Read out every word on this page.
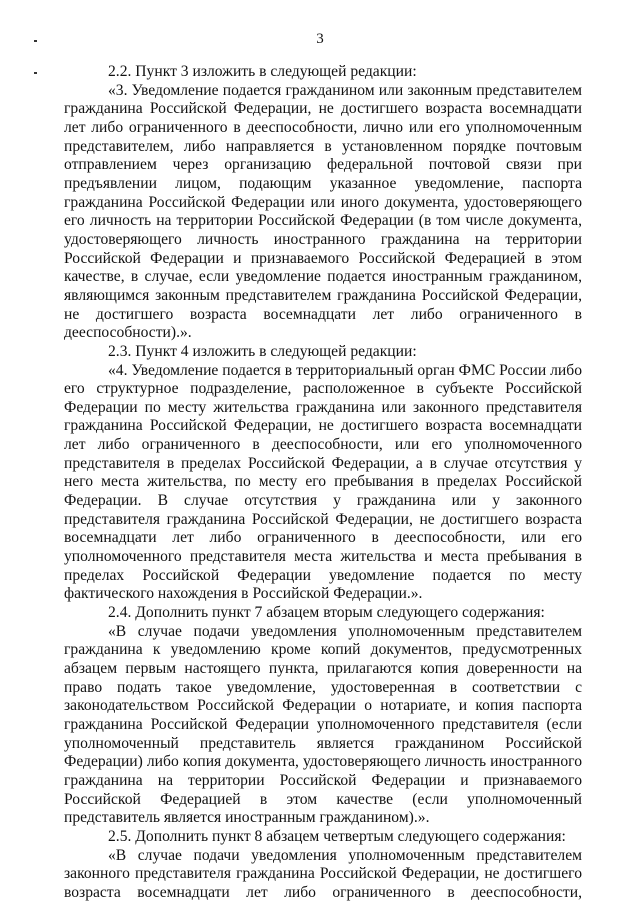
3

2.2. Пункт 3 изложить в следующей редакции:

«3. Уведомление подается гражданином или законным представителем гражданина Российской Федерации, не достигшего возраста восемнадцати лет либо ограниченного в дееспособности, лично или его уполномоченным представителем, либо направляется в установленном порядке почтовым отправлением через организацию федеральной почтовой связи при предъявлении лицом, подающим указанное уведомление, паспорта гражданина Российской Федерации или иного документа, удостоверяющего его личность на территории Российской Федерации (в том числе документа, удостоверяющего личность иностранного гражданина на территории Российской Федерации и признаваемого Российской Федерацией в этом качестве, в случае, если уведомление подается иностранным гражданином, являющимся законным представителем гражданина Российской Федерации, не достигшего возраста восемнадцати лет либо ограниченного в дееспособности).».

2.3. Пункт 4 изложить в следующей редакции:

«4. Уведомление подается в территориальный орган ФМС России либо его структурное подразделение, расположенное в субъекте Российской Федерации по месту жительства гражданина или законного представителя гражданина Российской Федерации, не достигшего возраста восемнадцати лет либо ограниченного в дееспособности, или его уполномоченного представителя в пределах Российской Федерации, а в случае отсутствия у него места жительства, по месту его пребывания в пределах Российской Федерации. В случае отсутствия у гражданина или у законного представителя гражданина Российской Федерации, не достигшего возраста восемнадцати лет либо ограниченного в дееспособности, или его уполномоченного представителя места жительства и места пребывания в пределах Российской Федерации уведомление подается по месту фактического нахождения в Российской Федерации.».

2.4. Дополнить пункт 7 абзацем вторым следующего содержания:

«В случае подачи уведомления уполномоченным представителем гражданина к уведомлению кроме копий документов, предусмотренных абзацем первым настоящего пункта, прилагаются копия доверенности на право подать такое уведомление, удостоверенная в соответствии с законодательством Российской Федерации о нотариате, и копия паспорта гражданина Российской Федерации уполномоченного представителя (если уполномоченный представитель является гражданином Российской Федерации) либо копия документа, удостоверяющего личность иностранного гражданина на территории Российской Федерации и признаваемого Российской Федерацией в этом качестве (если уполномоченный представитель является иностранным гражданином).».

2.5. Дополнить пункт 8 абзацем четвертым следующего содержания:

«В случае подачи уведомления уполномоченным представителем законного представителя гражданина Российской Федерации, не достигшего возраста восемнадцати лет либо ограниченного в дееспособности,
